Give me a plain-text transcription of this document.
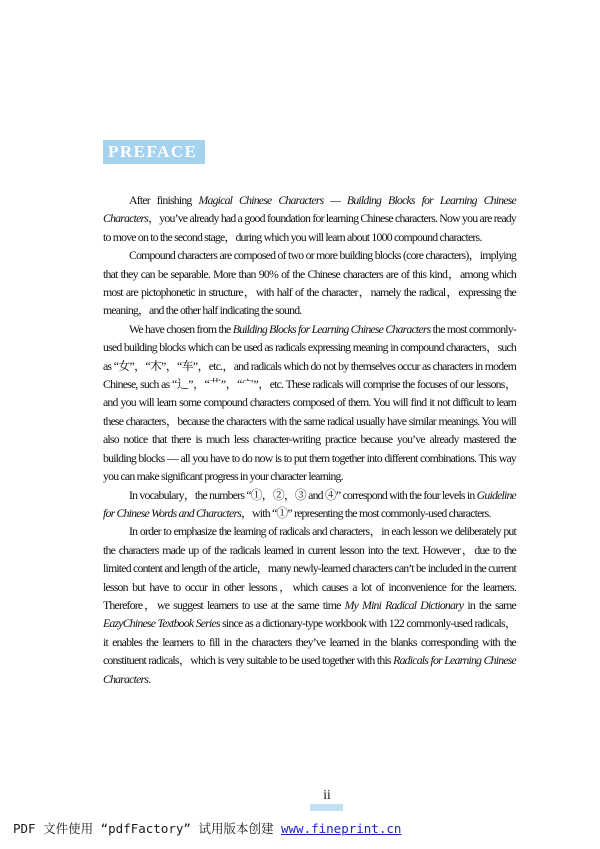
PREFACE

After finishing Magical Chinese Characters — Building Blocks for Learning Chinese Characters，you’ve already had a good foundation for learning Chinese characters. Now you are ready to move on to the second stage，during which you will learn about 1000 compound characters.

Compound characters are composed of two or more building blocks (core characters)，implying that they can be separable. More than 90% of the Chinese characters are of this kind，among which most are pictophonetic in structure，with half of the character，namely the radical，expressing the meaning，and the other half indicating the sound.

We have chosen from the Building Blocks for Learning Chinese Characters the most commonly-used building blocks which can be used as radicals expressing meaning in compound characters，such as “女”，“木”，“车”，etc.，and radicals which do not by themselves occur as characters in modern Chinese, such as “辶”，“艹”，“宀”，etc. These radicals will comprise the focuses of our lessons，and you will learn some compound characters composed of them. You will find it not difficult to learn these characters，because the characters with the same radical usually have similar meanings. You will also notice that there is much less character-writing practice because you’ve already mastered the building blocks — all you have to do now is to put them together into different combinations. This way you can make significant progress in your character learning.

In vocabulary，the numbers “①，②，③ and ④” correspond with the four levels in Guideline for Chinese Words and Characters，with “①” representing the most commonly-used characters.

In order to emphasize the learning of radicals and characters，in each lesson we deliberately put the characters made up of the radicals learned in current lesson into the text. However，due to the limited content and length of the article，many newly-learned characters can’t be included in the current lesson but have to occur in other lessons，which causes a lot of inconvenience for the learners. Therefore，we suggest learners to use at the same time My Mini Radical Dictionary in the same EazyChinese Textbook Series since as a dictionary-type workbook with 122 commonly-used radicals，it enables the learners to fill in the characters they’ve learned in the blanks corresponding with the constituent radicals，which is very suitable to be used together with this Radicals for Learning Chinese Characters.

ii
PDF 文件使用 “pdfFactory” 试用版本创建 www.fineprint.cn
